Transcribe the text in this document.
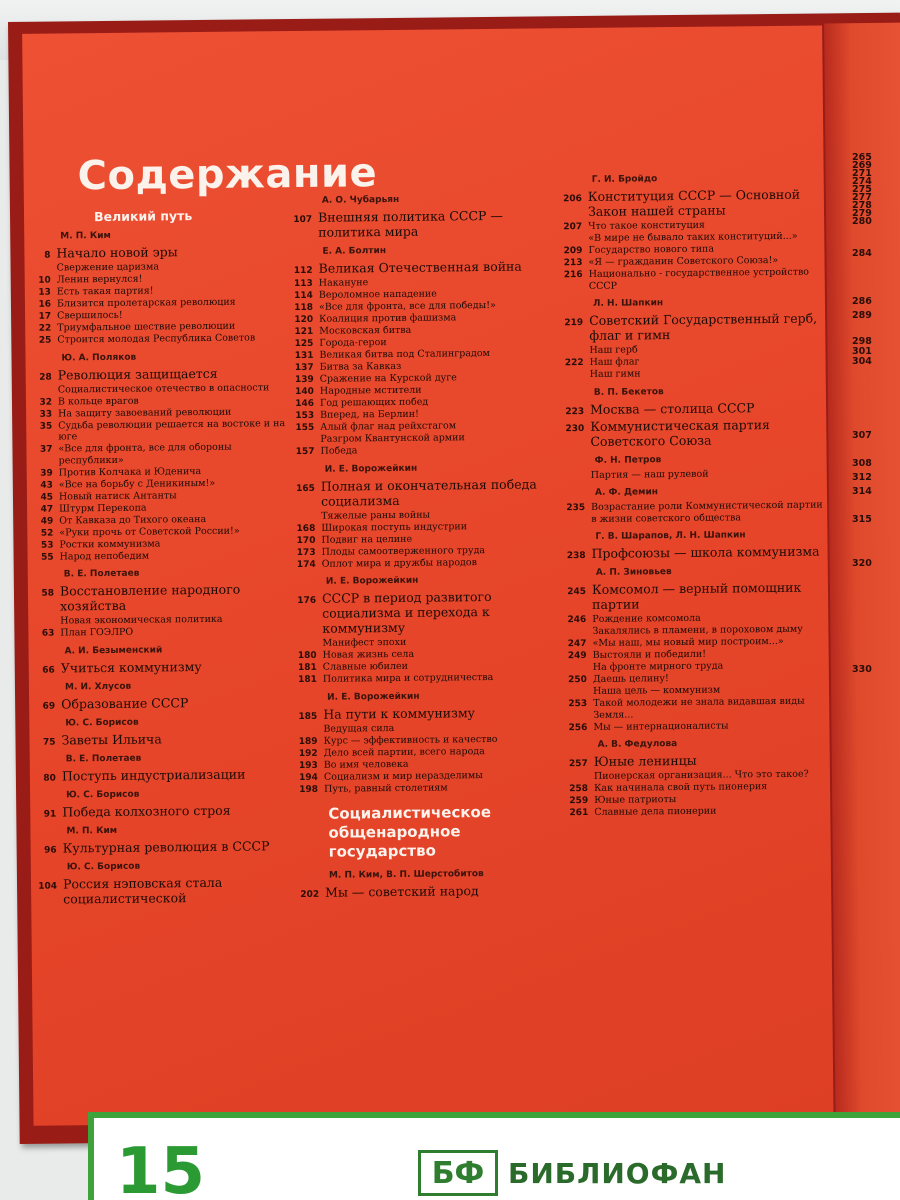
Содержание
Великий путь
М. П. Ким
8 Начало новой эры
Свержение царизма
10 Ленин вернулся!
13 Есть такая партия!
16 Близится пролетарская революция
17 Свершилось!
22 Триумфальное шествие революции
25 Строится молодая Республика Советов
Ю. А. Поляков
28 Революция защищается
Социалистическое отечество в опасности
32 В кольце врагов
33 На защиту завоеваний революции
35 Судьба революции решается на востоке и на юге
37 «Все для фронта, все для обороны республики»
39 Против Колчака и Юденича
43 «Все на борьбу с Деникиным!»
45 Новый натиск Антанты
47 Штурм Перекопа
49 От Кавказа до Тихого океана
52 «Руки прочь от Советской России!»
53 Ростки коммунизма
55 Народ непобедим
В. Е. Полетаев
58 Восстановление народного хозяйства
Новая экономическая политика
63 План ГОЭЛРО
А. И. Безыменский
66 Учиться коммунизму
М. И. Хлусов
69 Образование СССР
Ю. С. Борисов
75 Заветы Ильича
В. Е. Полетаев
80 Поступь индустриализации
Ю. С. Борисов
91 Победа колхозного строя
М. П. Ким
96 Культурная революция в СССР
Ю. С. Борисов
104 Россия нэповская стала социалистической
А. О. Чубарьян
107 Внешняя политика СССР — политика мира
Е. А. Болтин
112 Великая Отечественная война
113 Накануне
114 Вероломное нападение
118 «Все для фронта, все для победы!»
120 Коалиция против фашизма
121 Московская битва
125 Города-герои
131 Великая битва под Сталинградом
137 Битва за Кавказ
139 Сражение на Курской дуге
140 Народные мстители
146 Год решающих побед
153 Вперед, на Берлин!
155 Алый флаг над рейхстагом
Разгром Квантунской армии
157 Победа
И. Е. Ворожейкин
165 Полная и окончательная победа социализма
Тяжелые раны войны
168 Широкая поступь индустрии
170 Подвиг на целине
173 Плоды самоотверженного труда
174 Оплот мира и дружбы народов
И. Е. Ворожейкин
176 СССР в период развитого социализма и перехода к коммунизму
Манифест эпохи
180 Новая жизнь села
181 Славные юбилеи
181 Политика мира и сотрудничества
И. Е. Ворожейкин
185 На пути к коммунизму
Ведущая сила
189 Курс — эффективность и качество
192 Дело всей партии, всего народа
193 Во имя человека
194 Социализм и мир неразделимы
198 Путь, равный столетиям
Социалистическое общенародное государство
М. П. Ким, В. П. Шерстобитов
202 Мы — советский народ
Г. И. Бройдо
206 Конституция СССР — Основной Закон нашей страны
207 Что такое конституция
«В мире не бывало таких конституций...»
209 Государство нового типа
213 «Я — гражданин Советского Союза!»
216 Национально - государственное устройство СССР
Л. Н. Шапкин
219 Советский Государственный герб, флаг и гимн
Наш герб
222 Наш флаг
Наш гимн
В. П. Бекетов
223 Москва — столица СССР
230 Коммунистическая партия Советского Союза
Ф. Н. Петров
Партия — наш рулевой
А. Ф. Демин
235 Возрастание роли Коммунистической партии в жизни советского общества
Г. В. Шарапов, Л. Н. Шапкин
238 Профсоюзы — школа коммунизма
А. П. Зиновьев
245 Комсомол — верный помощник партии
246 Рождение комсомола
Закалялись в пламени, в пороховом дыму
247 «Мы наш, мы новый мир построим...»
249 Выстояли и победили!
На фронте мирного труда
250 Даешь целину!
Наша цель — коммунизм
253 Такой молодежи не знала видавшая виды Земля...
256 Мы — интернационалисты
А. В. Федулова
257 Юные ленинцы
Пионерская организация... Что это такое?
258 Как начинала свой путь пионерия
259 Юные патриоты
261 Славные дела пионерии
265
269
271
274
275
277
278
279
280
284
286
289
298
301
304
307
308
312
314
315
320
330
15	БФ БИБЛИОФАН
